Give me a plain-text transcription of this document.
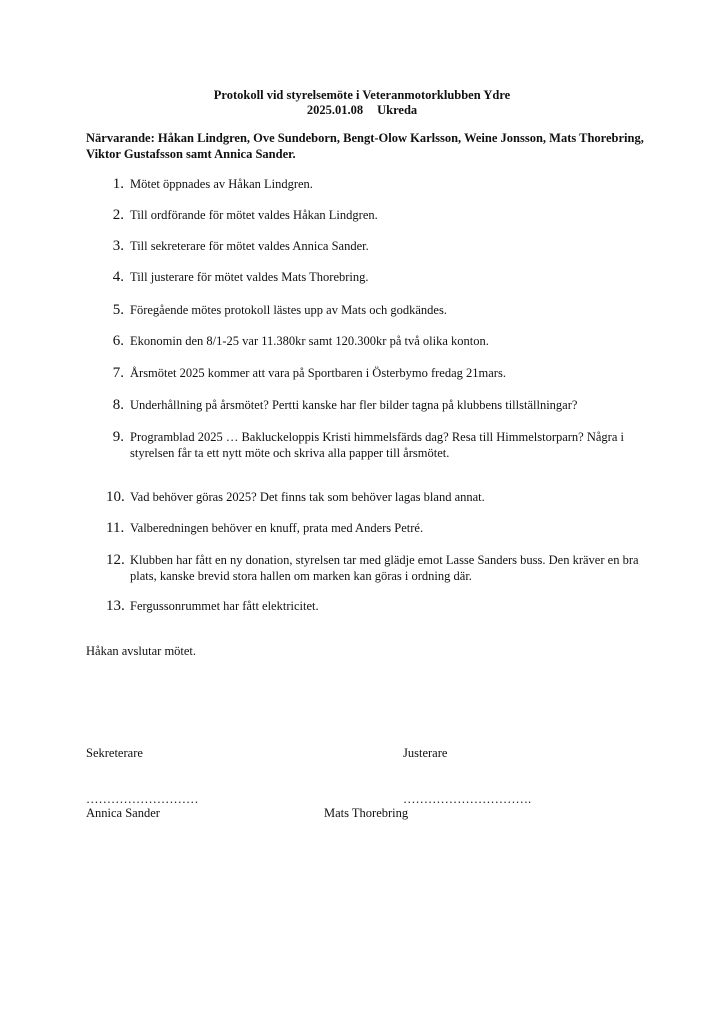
Protokoll vid styrelsemöte i Veteranmotorklubben Ydre
2025.01.08 Ukreda
Närvarande: Håkan Lindgren, Ove Sundeborn, Bengt-Olow Karlsson, Weine Jonsson, Mats Thorebring, Viktor Gustafsson samt Annica Sander.
1. Mötet öppnades av Håkan Lindgren.
2. Till ordförande för mötet valdes Håkan Lindgren.
3. Till sekreterare för mötet valdes Annica Sander.
4. Till justerare för mötet valdes Mats Thorebring.
5. Föregående mötes protokoll lästes upp av Mats och godkändes.
6. Ekonomin den 8/1-25 var 11.380kr samt 120.300kr på två olika konton.
7. Årsmötet 2025 kommer att vara på Sportbaren i Österbymo fredag 21mars.
8. Underhållning på årsmötet? Pertti kanske har fler bilder tagna på klubbens tillställningar?
9. Programblad 2025 … Bakluckeloppis Kristi himmelsfärds dag? Resa till Himmelstorparn? Några i styrelsen får ta ett nytt möte och skriva alla papper till årsmötet.
10. Vad behöver göras 2025? Det finns tak som behöver lagas bland annat.
11. Valberedningen behöver en knuff, prata med Anders Petré.
12. Klubben har fått en ny donation, styrelsen tar med glädje emot Lasse Sanders buss. Den kräver en bra plats, kanske brevid stora hallen om marken kan göras i ordning där.
13. Fergussonrummet har fått elektricitet.
Håkan avslutar mötet.
Sekreterare	Justerare
………………………	………………………….
Annica Sander	Mats Thorebring
